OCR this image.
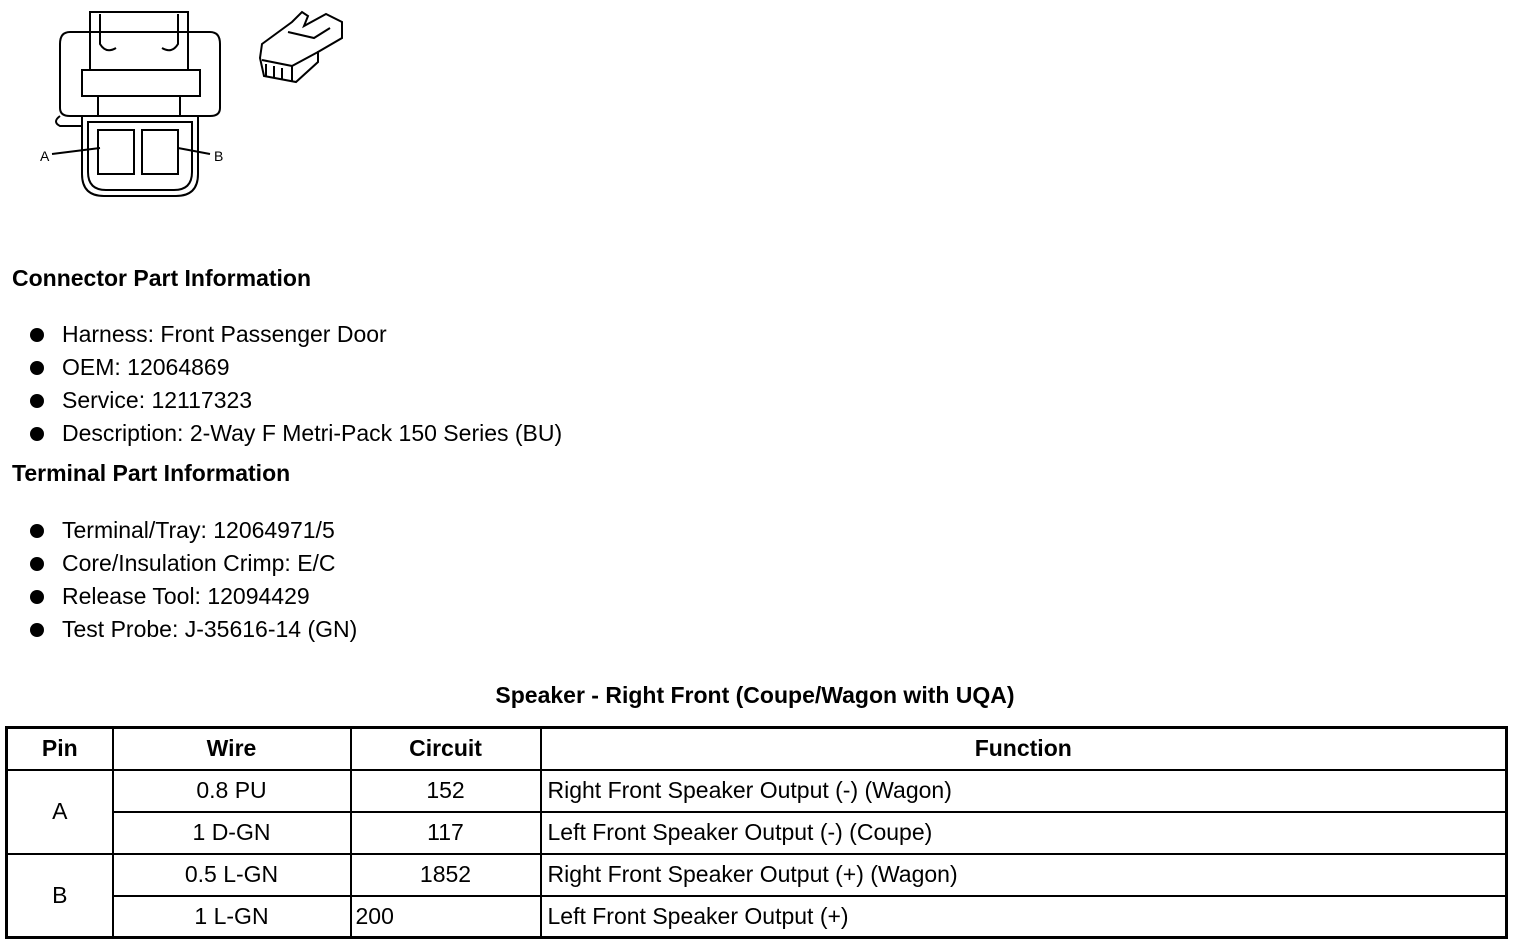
A	B
Connector Part Information
Harness: Front Passenger Door
OEM: 12064869
Service: 12117323
Description: 2-Way F Metri-Pack 150 Series (BU)
Terminal Part Information
Terminal/Tray: 12064971/5
Core/Insulation Crimp: E/C
Release Tool: 12094429
Test Probe: J-35616-14 (GN)
Speaker - Right Front (Coupe/Wagon with UQA)
Pin	Wire	Circuit	Function
A	0.8 PU	152	Right Front Speaker Output (-) (Wagon)
	1 D-GN	117	Left Front Speaker Output (-) (Coupe)
B	0.5 L-GN	1852	Right Front Speaker Output (+) (Wagon)
	1 L-GN	200	Left Front Speaker Output (+)
